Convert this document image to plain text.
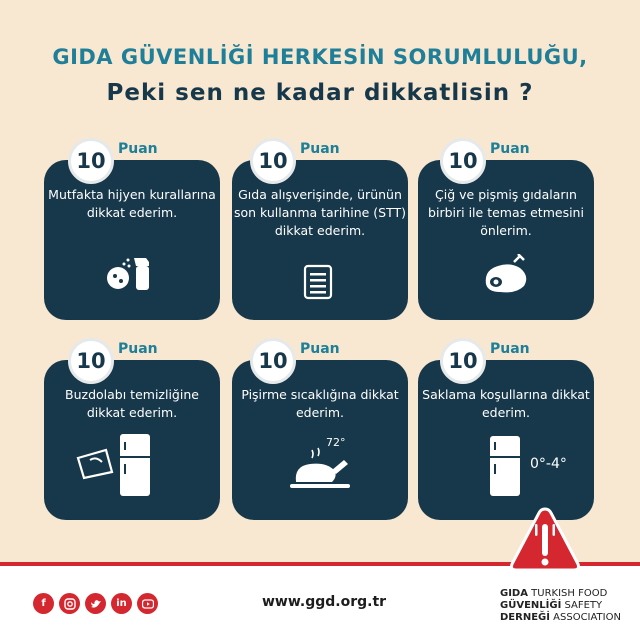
GIDA GÜVENLİĞİ HERKESİN SORUMLULUĞU,
Peki sen ne kadar dikkatlisin ?
Mutfakta hijyen kurallarına dikkat ederim.
10 Puan
Gıda alışverişinde, ürünün son kullanma tarihine (STT) dikkat ederim.
10 Puan
Çiğ ve pişmiş gıdaların birbiri ile temas etmesini önlerim.
10 Puan
Buzdolabı temizliğine dikkat ederim.
10 Puan
Pişirme sıcaklığına dikkat ederim.
72°
10 Puan
Saklama koşullarına dikkat ederim.
0°-4°
10 Puan
f	in	www.ggd.org.tr
GIDA TURKISH FOOD
GÜVENLİĞİ SAFETY
DERNEĞİ ASSOCIATION
